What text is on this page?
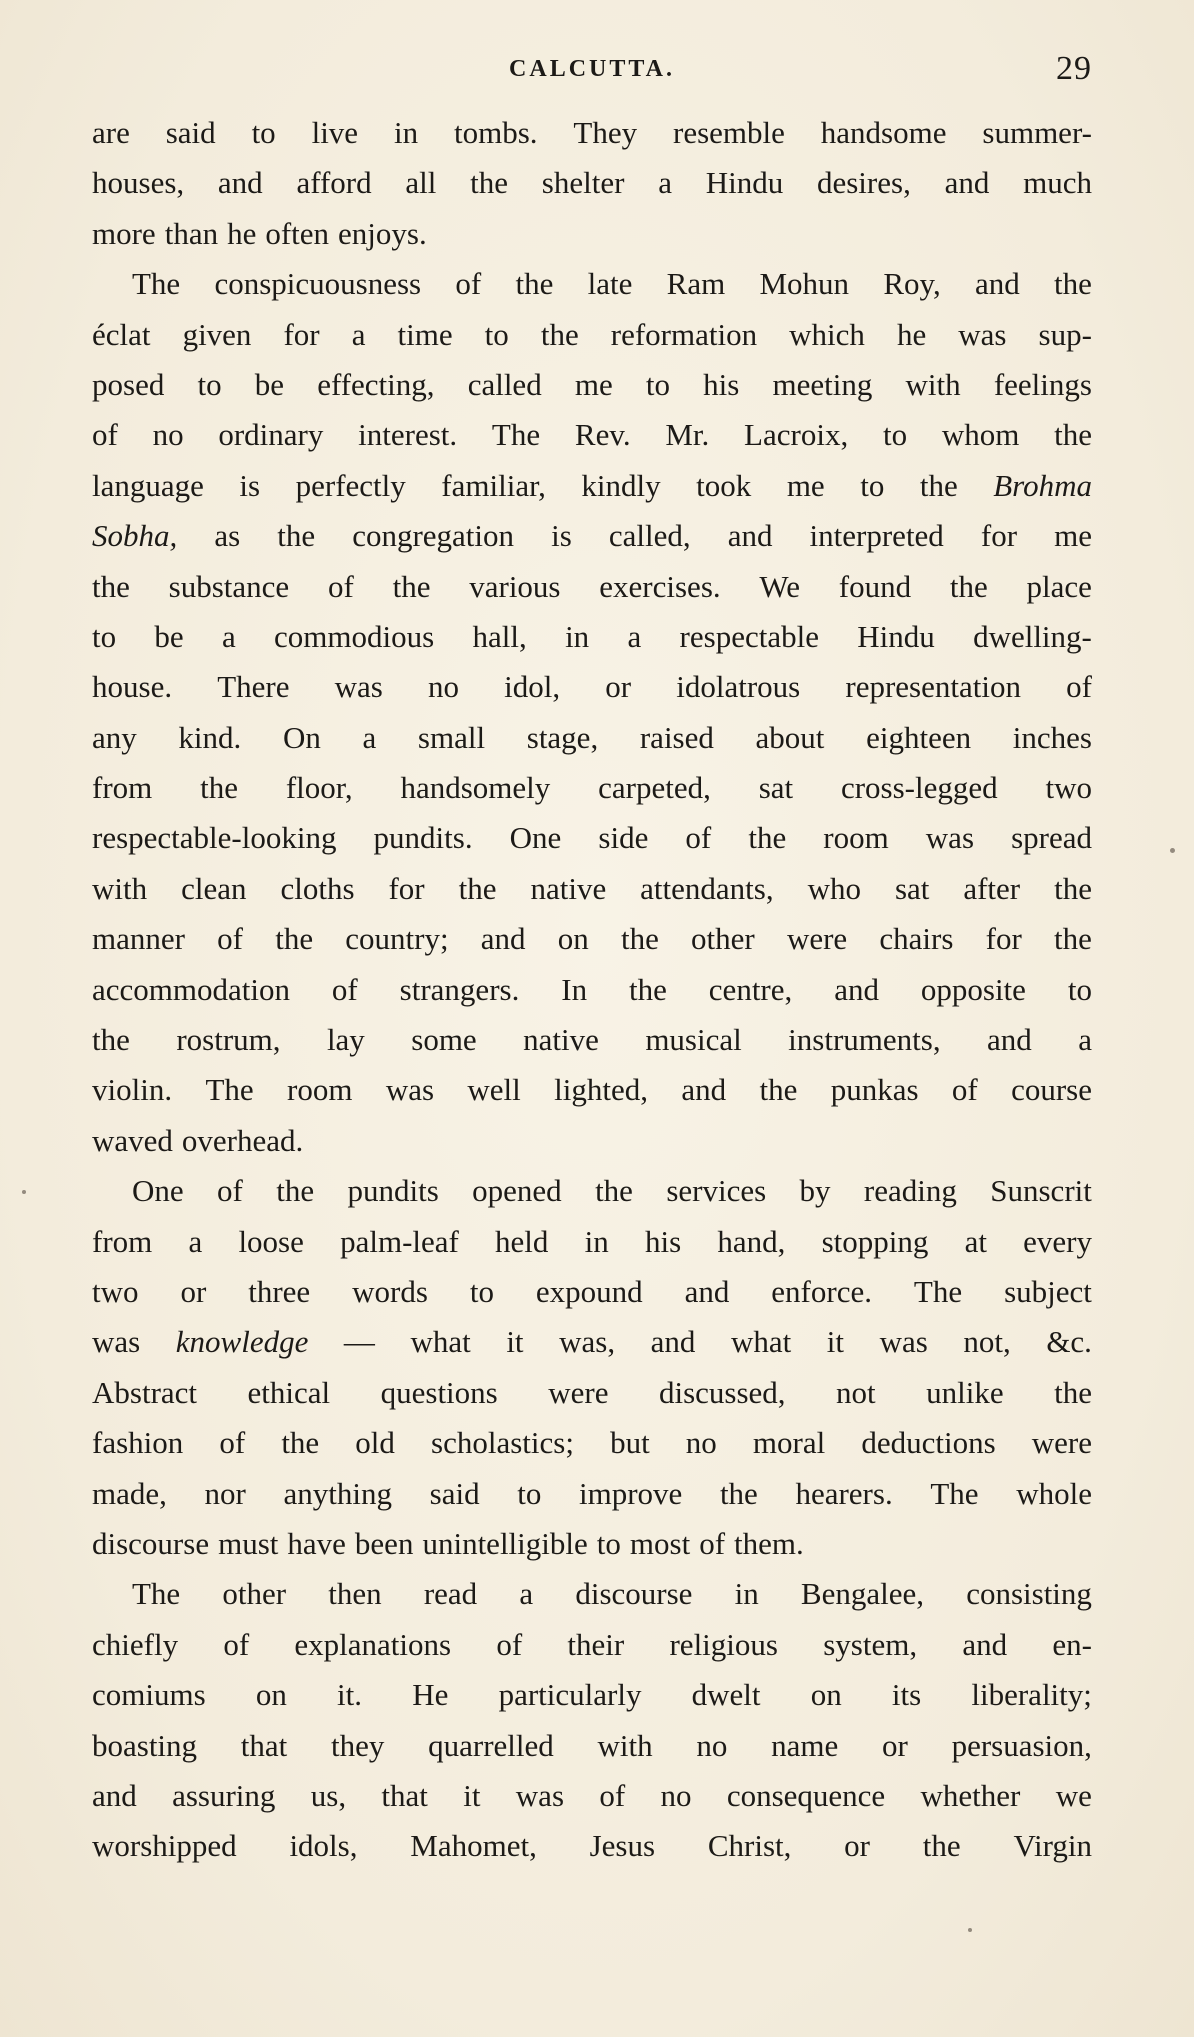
CALCUTTA.	29
are said to live in tombs. They resemble handsome summer-
houses, and afford all the shelter a Hindu desires, and much
more than he often enjoys.
The conspicuousness of the late Ram Mohun Roy, and the
éclat given for a time to the reformation which he was sup-
posed to be effecting, called me to his meeting with feelings
of no ordinary interest. The Rev. Mr. Lacroix, to whom the
language is perfectly familiar, kindly took me to the Brohma
Sobha, as the congregation is called, and interpreted for me
the substance of the various exercises. We found the place
to be a commodious hall, in a respectable Hindu dwelling-
house. There was no idol, or idolatrous representation of
any kind. On a small stage, raised about eighteen inches
from the floor, handsomely carpeted, sat cross-legged two
respectable-looking pundits. One side of the room was spread
with clean cloths for the native attendants, who sat after the
manner of the country; and on the other were chairs for the
accommodation of strangers. In the centre, and opposite to
the rostrum, lay some native musical instruments, and a
violin. The room was well lighted, and the punkas of course
waved overhead.
One of the pundits opened the services by reading Sunscrit
from a loose palm-leaf held in his hand, stopping at every
two or three words to expound and enforce. The subject
was knowledge — what it was, and what it was not, &c.
Abstract ethical questions were discussed, not unlike the
fashion of the old scholastics; but no moral deductions were
made, nor anything said to improve the hearers. The whole
discourse must have been unintelligible to most of them.
The other then read a discourse in Bengalee, consisting
chiefly of explanations of their religious system, and en-
comiums on it. He particularly dwelt on its liberality;
boasting that they quarrelled with no name or persuasion,
and assuring us, that it was of no consequence whether we
worshipped idols, Mahomet, Jesus Christ, or the Virgin
